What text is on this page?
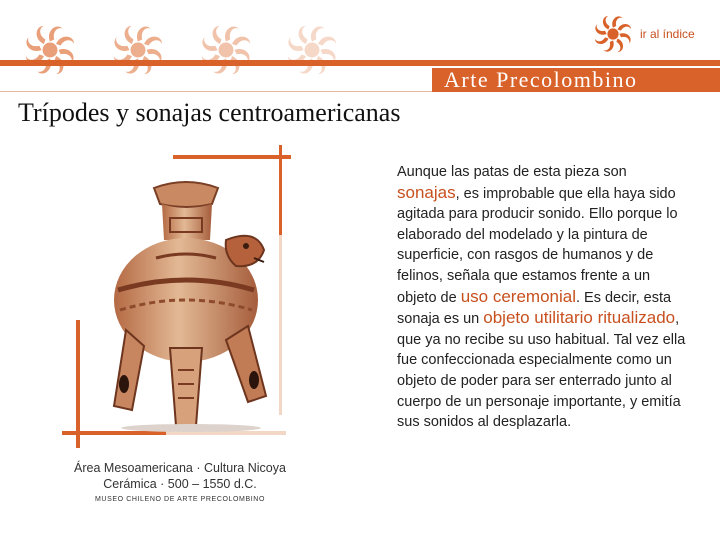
ir al índice
Arte Precolombino
Trípodes y sonajas centroamericanas
Área Mesoamericana · Cultura Nicoya
Cerámica · 500 – 1550 d.C.
MUSEO CHILENO DE ARTE PRECOLOMBINO
Aunque las patas de esta pieza son sonajas, es improbable que ella haya sido agitada para producir sonido. Ello porque lo elaborado del modelado y la pintura de superficie, con rasgos de humanos y de felinos, señala que estamos frente a un objeto de uso ceremonial. Es decir, esta sonaja es un objeto utilitario ritualizado, que ya no recibe su uso habitual. Tal vez ella fue confeccionada especialmente como un objeto de poder para ser enterrado junto al cuerpo de un personaje importante, y emitía sus sonidos al desplazarla.
